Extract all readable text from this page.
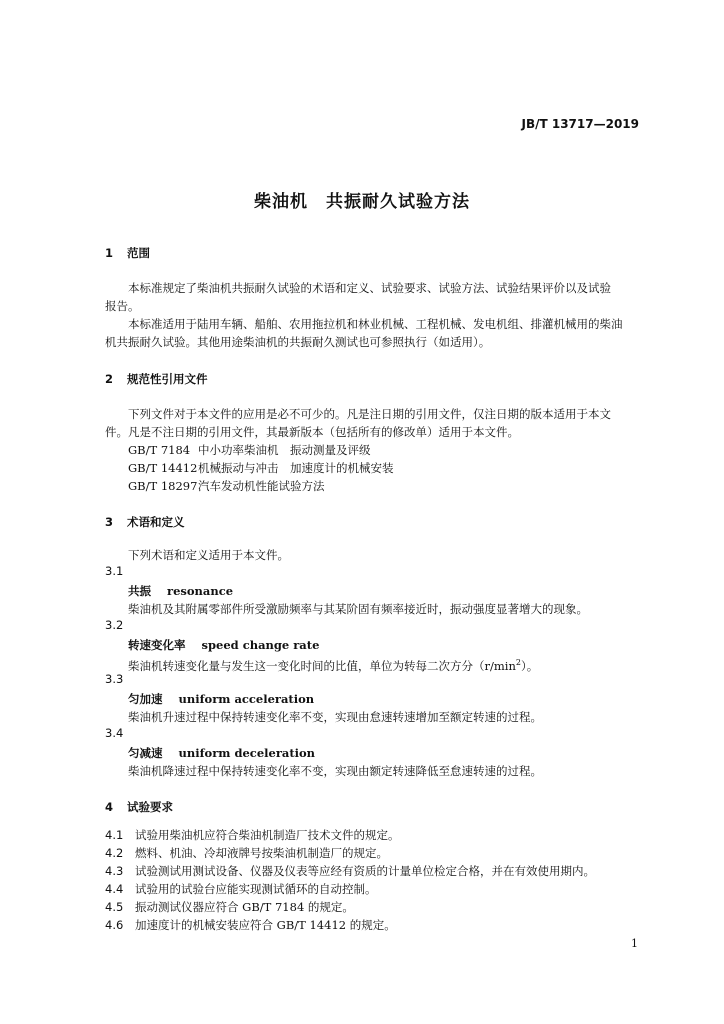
JB/T 13717—2019
柴油机　共振耐久试验方法
1 范围
本标准规定了柴油机共振耐久试验的术语和定义、试验要求、试验方法、试验结果评价以及试验
报告。
本标准适用于陆用车辆、船舶、农用拖拉机和林业机械、工程机械、发电机组、排灌机械用的柴油
机共振耐久试验。其他用途柴油机的共振耐久测试也可参照执行（如适用）。
2 规范性引用文件
下列文件对于本文件的应用是必不可少的。凡是注日期的引用文件，仅注日期的版本适用于本文
件。凡是不注日期的引用文件，其最新版本（包括所有的修改单）适用于本文件。
GB/T 7184 中小功率柴油机　振动测量及评级
GB/T 14412机械振动与冲击　加速度计的机械安装
GB/T 18297汽车发动机性能试验方法
3 术语和定义
下列术语和定义适用于本文件。
3.1
共振 resonance
柴油机及其附属零部件所受激励频率与其某阶固有频率接近时，振动强度显著增大的现象。
3.2
转速变化率 speed change rate
柴油机转速变化量与发生这一变化时间的比值，单位为转每二次方分$(r/\min^2)$。
3.3
匀加速 uniform acceleration
柴油机升速过程中保持转速变化率不变，实现由怠速转速增加至额定转速的过程。
3.4
匀减速 uniform deceleration
柴油机降速过程中保持转速变化率不变，实现由额定转速降低至怠速转速的过程。
4 试验要求
4.1 试验用柴油机应符合柴油机制造厂技术文件的规定。
4.2 燃料、机油、冷却液牌号按柴油机制造厂的规定。
4.3 试验测试用测试设备、仪器及仪表等应经有资质的计量单位检定合格，并在有效使用期内。
4.4 试验用的试验台应能实现测试循环的自动控制。
4.5 振动测试仪器应符合 GB/T 7184 的规定。
4.6 加速度计的机械安装应符合 GB/T 14412 的规定。
1
